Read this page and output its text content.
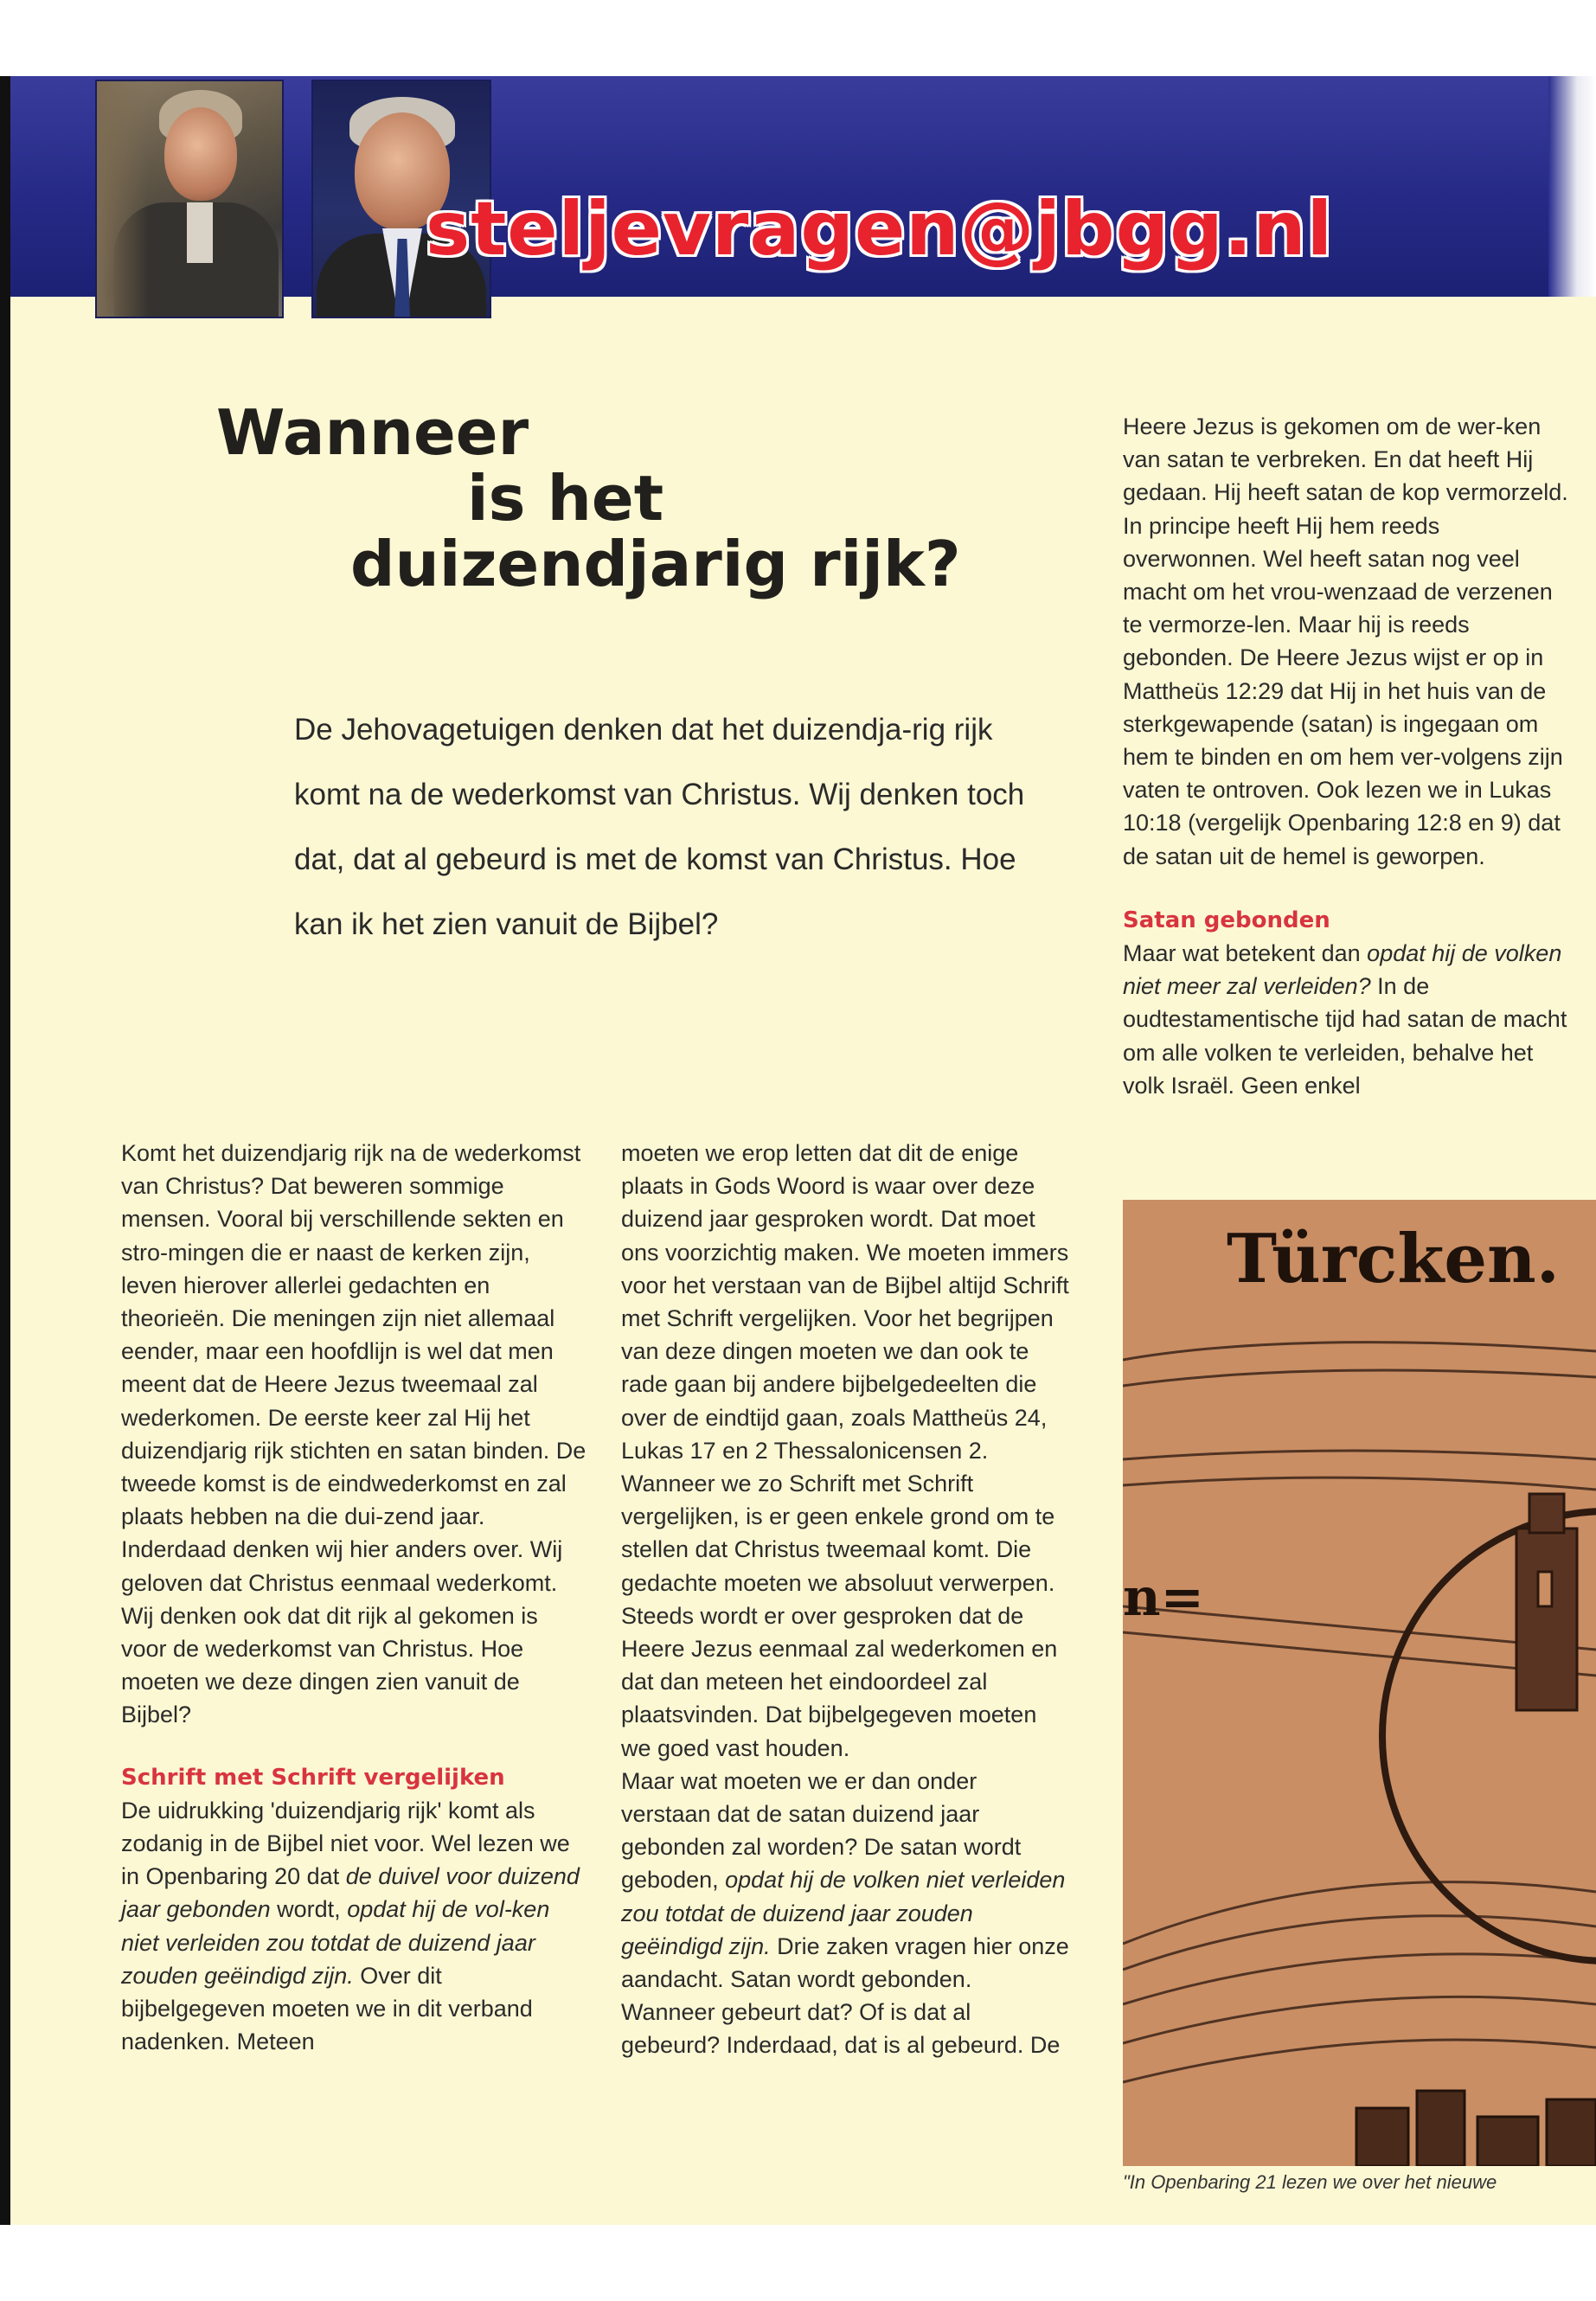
steljevragen@jbgg.nl
Wanneer
is het
duizendjarig rijk?

De Jehovagetuigen denken dat het duizendja-rig rijk komt na de wederkomst van Christus. Wij denken toch dat, dat al gebeurd is met de komst van Christus. Hoe kan ik het zien vanuit de Bijbel?

Komt het duizendjarig rijk na de wederkomst van Christus? Dat beweren sommige mensen. Vooral bij verschillende sekten en stro-mingen die er naast de kerken zijn, leven hierover allerlei gedachten en theorieën. Die meningen zijn niet allemaal eender, maar een hoofdlijn is wel dat men meent dat de Heere Jezus tweemaal zal wederkomen. De eerste keer zal Hij het duizendjarig rijk stichten en satan binden. De tweede komst is de eindwederkomst en zal plaats hebben na die dui-zend jaar. Inderdaad denken wij hier anders over. Wij geloven dat Christus eenmaal wederkomt. Wij denken ook dat dit rijk al gekomen is voor de wederkomst van Christus. Hoe moeten we deze dingen zien vanuit de Bijbel?

Schrift met Schrift vergelijken

De uidrukking 'duizendjarig rijk' komt als zodanig in de Bijbel niet voor. Wel lezen we in Openbaring 20 dat de duivel voor duizend jaar gebonden wordt, opdat hij de vol-ken niet verleiden zou totdat de duizend jaar zouden geëindigd zijn. Over dit bijbelgegeven moeten we in dit verband nadenken. Meteen

moeten we erop letten dat dit de enige plaats in Gods Woord is waar over deze duizend jaar gesproken wordt. Dat moet ons voorzichtig maken. We moeten immers voor het verstaan van de Bijbel altijd Schrift met Schrift vergelijken. Voor het begrijpen van deze dingen moeten we dan ook te rade gaan bij andere bijbelgedeelten die over de eindtijd gaan, zoals Mattheüs 24, Lukas 17 en 2 Thessalonicensen 2.

Wanneer we zo Schrift met Schrift vergelijken, is er geen enkele grond om te stellen dat Christus tweemaal komt. Die gedachte moeten we absoluut verwerpen. Steeds wordt er over gesproken dat de Heere Jezus eenmaal zal wederkomen en dat dan meteen het eindoordeel zal plaatsvinden. Dat bijbelgegeven moeten we goed vast houden.

Maar wat moeten we er dan onder verstaan dat de satan duizend jaar gebonden zal worden? De satan wordt geboden, opdat hij de volken niet verleiden zou totdat de duizend jaar zouden geëindigd zijn. Drie zaken vragen hier onze aandacht. Satan wordt gebonden. Wanneer gebeurt dat? Of is dat al gebeurd? Inderdaad, dat is al gebeurd. De

Heere Jezus is gekomen om de wer-ken van satan te verbreken. En dat heeft Hij gedaan. Hij heeft satan de kop vermorzeld. In principe heeft Hij hem reeds overwonnen. Wel heeft satan nog veel macht om het vrou-wenzaad de verzenen te vermorze-len. Maar hij is reeds gebonden. De Heere Jezus wijst er op in Mattheüs 12:29 dat Hij in het huis van de sterkgewapende (satan) is ingegaan om hem te binden en om hem ver-volgens zijn vaten te ontroven. Ook lezen we in Lukas 10:18 (vergelijk Openbaring 12:8 en 9) dat de satan uit de hemel is geworpen.

Satan gebonden

Maar wat betekent dan opdat hij de volken niet meer zal verleiden? In de oudtestamentische tijd had satan de macht om alle volken te verleiden, behalve het volk Israël. Geen enkel

Türcken.
n=

"In Openbaring 21 lezen we over het nieuwe
